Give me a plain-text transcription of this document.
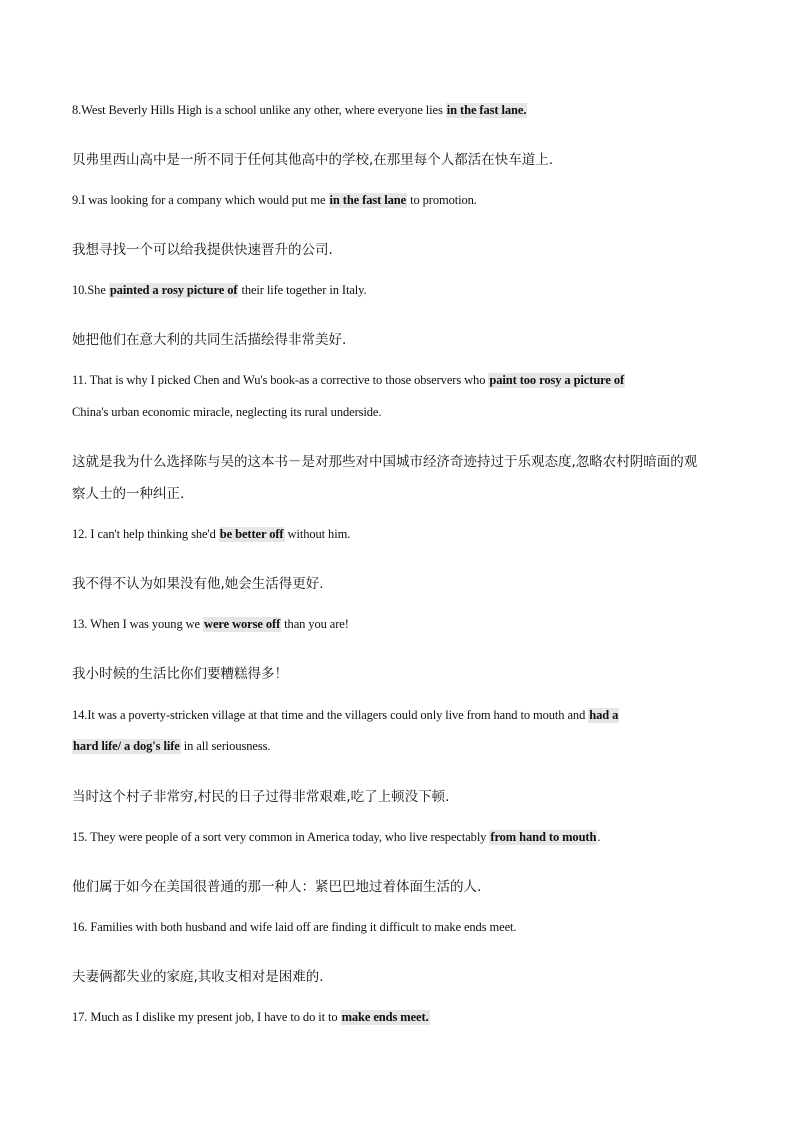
8.West Beverly Hills High is a school unlike any other, where everyone lies in the fast lane.
贝弗里西山高中是一所不同于任何其他高中的学校,在那里每个人都活在快车道上.
9.I was looking for a company which would put me in the fast lane to promotion.
我想寻找一个可以给我提供快速晋升的公司.
10.She painted a rosy picture of their life together in Italy.
她把他们在意大利的共同生活描绘得非常美好.
11. That is why I picked Chen and Wu's book-as a corrective to those observers who paint too rosy a picture of
China's urban economic miracle, neglecting its rural underside.
这就是我为什么选择陈与吴的这本书－是对那些对中国城市经济奇迹持过于乐观态度,忽略农村阴暗面的观
察人士的一种纠正.
12. I can't help thinking she'd be better off without him.
我不得不认为如果没有他,她会生活得更好.
13. When I was young we were worse off than you are!
我小时候的生活比你们要糟糕得多！
14.It was a poverty-stricken village at that time and the villagers could only live from hand to mouth and had a
hard life/ a dog's life in all seriousness.
当时这个村子非常穷,村民的日子过得非常艰难,吃了上顿没下顿.
15. They were people of a sort very common in America today, who live respectably from hand to mouth.
他们属于如今在美国很普通的那一种人：紧巴巴地过着体面生活的人.
16. Families with both husband and wife laid off are finding it difficult to make ends meet.
夫妻俩都失业的家庭,其收支相对是困难的.
17. Much as I dislike my present job, I have to do it to make ends meet.
